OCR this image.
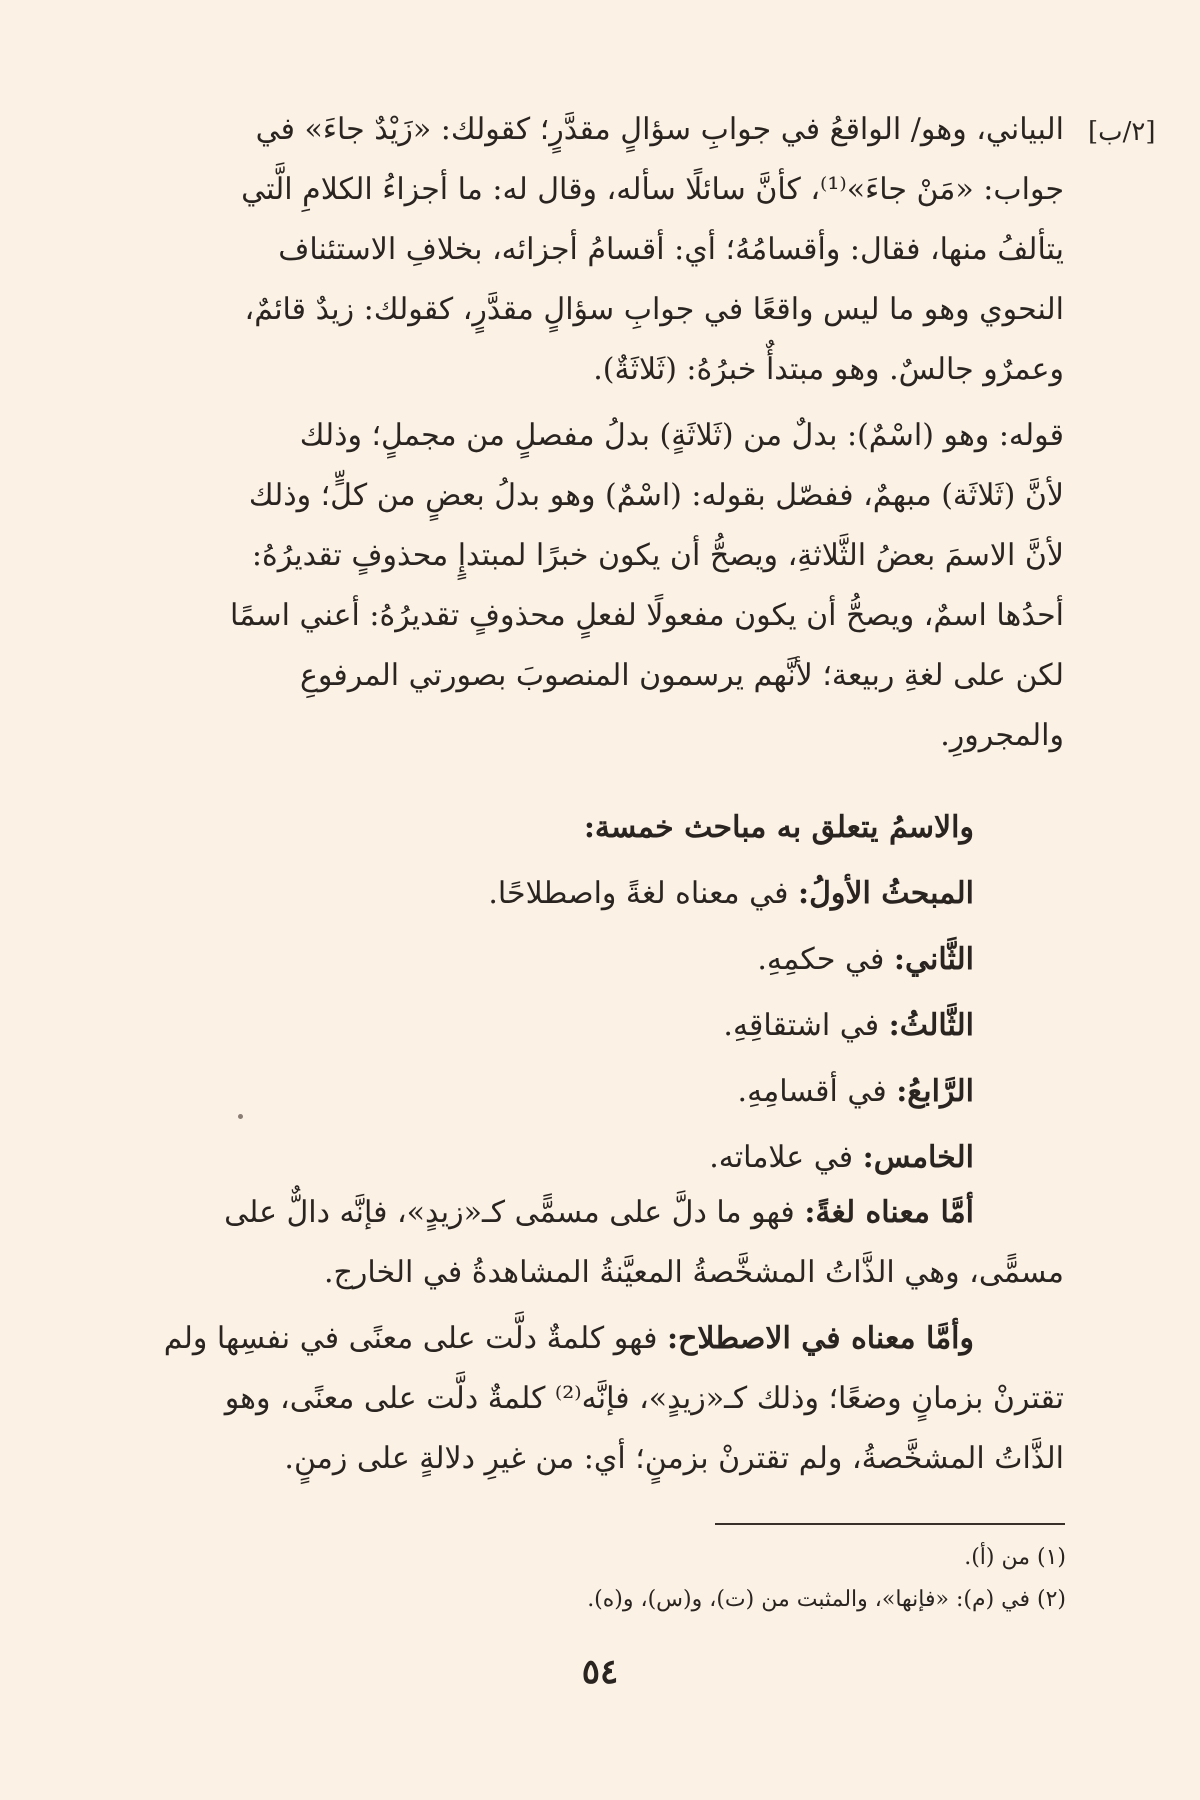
[٢/ب]
البياني، وهو/ الواقعُ في جوابِ سؤالٍ مقدَّرٍ؛ كقولك: «زَيْدٌ جاءَ» في
جواب: «مَنْ جاءَ»⁽¹⁾، كأنَّ سائلًا سأله، وقال له: ما أجزاءُ الكلامِ الَّتي
يتألفُ منها، فقال: وأقسامُهُ؛ أي: أقسامُ أجزائه، بخلافِ الاستئناف
النحوي وهو ما ليس واقعًا في جوابِ سؤالٍ مقدَّرٍ، كقولك: زيدٌ قائمٌ،
وعمرٌو جالسٌ. وهو مبتدأٌ خبرُهُ: (ثَلاثَةٌ).
قوله: وهو (اسْمٌ): بدلٌ من (ثَلاثَةٍ) بدلُ مفصلٍ من مجملٍ؛ وذلك
لأنَّ (ثَلاثَة) مبهمٌ، ففصّل بقوله: (اسْمٌ) وهو بدلُ بعضٍ من كلٍّ؛ وذلك
لأنَّ الاسمَ بعضُ الثَّلاثةِ، ويصحُّ أن يكون خبرًا لمبتدإٍ محذوفٍ تقديرُهُ:
أحدُها اسمٌ، ويصحُّ أن يكون مفعولًا لفعلٍ محذوفٍ تقديرُهُ: أعني اسمًا
لكن على لغةِ ربيعة؛ لأنَّهم يرسمون المنصوبَ بصورتي المرفوعِ
والمجرورِ.
والاسمُ يتعلق به مباحث خمسة:
المبحثُ الأولُ: في معناه لغةً واصطلاحًا.
الثَّاني: في حكمِهِ.
الثَّالثُ: في اشتقاقِهِ.
الرَّابعُ: في أقسامِهِ.
الخامس: في علاماته.
أمَّا معناه لغةً: فهو ما دلَّ على مسمًّى كـ«زيدٍ»، فإنَّه دالٌّ على
مسمًّى، وهي الذَّاتُ المشخَّصةُ المعيَّنةُ المشاهدةُ في الخارج.
وأمَّا معناه في الاصطلاح: فهو كلمةٌ دلَّت على معنًى في نفسِها ولم
تقترنْ بزمانٍ وضعًا؛ وذلك كـ«زيدٍ»، فإنَّه⁽²⁾ كلمةٌ دلَّت على معنًى، وهو
الذَّاتُ المشخَّصةُ، ولم تقترنْ بزمنٍ؛ أي: من غيرِ دلالةٍ على زمنٍ.
(١) من (أ).
(٢) في (م): «فإنها»، والمثبت من (ت)، و(س)، و(ه).
٥٤
